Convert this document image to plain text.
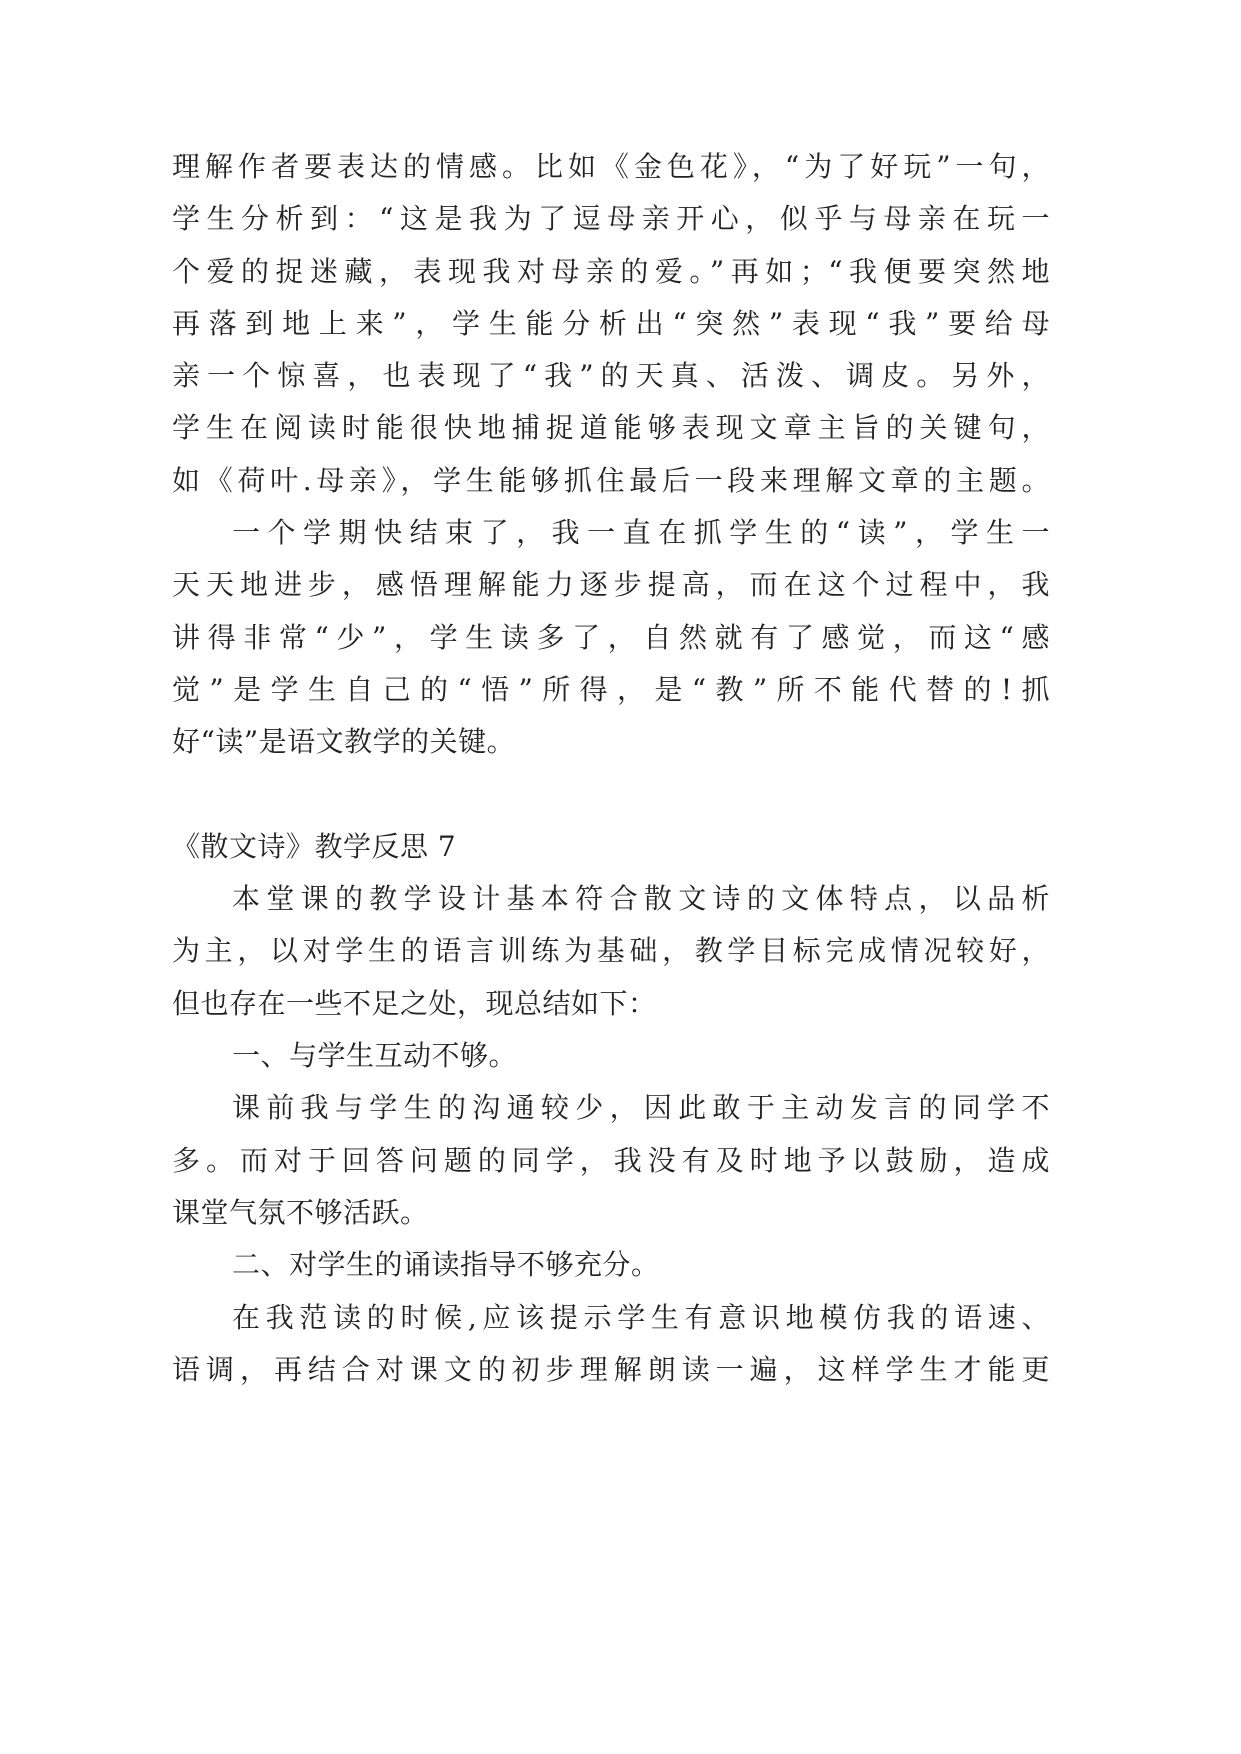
理解作者要表达的情感。比如《金色花》，“为了好玩”一句，
学生分析到：“这是我为了逗母亲开心，似乎与母亲在玩一
个爱的捉迷藏，表现我对母亲的爱。”再如；“我便要突然地
再落到地上来”，学生能分析出“突然”表现“我”要给母
亲一个惊喜，也表现了“我”的天真、活泼、调皮。另外，
学生在阅读时能很快地捕捉道能够表现文章主旨的关键句，
如《荷叶.母亲》，学生能够抓住最后一段来理解文章的主题。
一个学期快结束了，我一直在抓学生的“读”，学生一
天天地进步，感悟理解能力逐步提高，而在这个过程中，我
讲得非常“少”，学生读多了，自然就有了感觉，而这“感
觉”是学生自己的“悟”所得，是“教”所不能代替的!抓
好“读”是语文教学的关键。
《散文诗》教学反思 7
本堂课的教学设计基本符合散文诗的文体特点，以品析
为主，以对学生的语言训练为基础，教学目标完成情况较好，
但也存在一些不足之处，现总结如下：
一、与学生互动不够。
课前我与学生的沟通较少，因此敢于主动发言的同学不
多。而对于回答问题的同学，我没有及时地予以鼓励，造成
课堂气氛不够活跃。
二、对学生的诵读指导不够充分。
在我范读的时候,应该提示学生有意识地模仿我的语速、
语调，再结合对课文的初步理解朗读一遍，这样学生才能更
